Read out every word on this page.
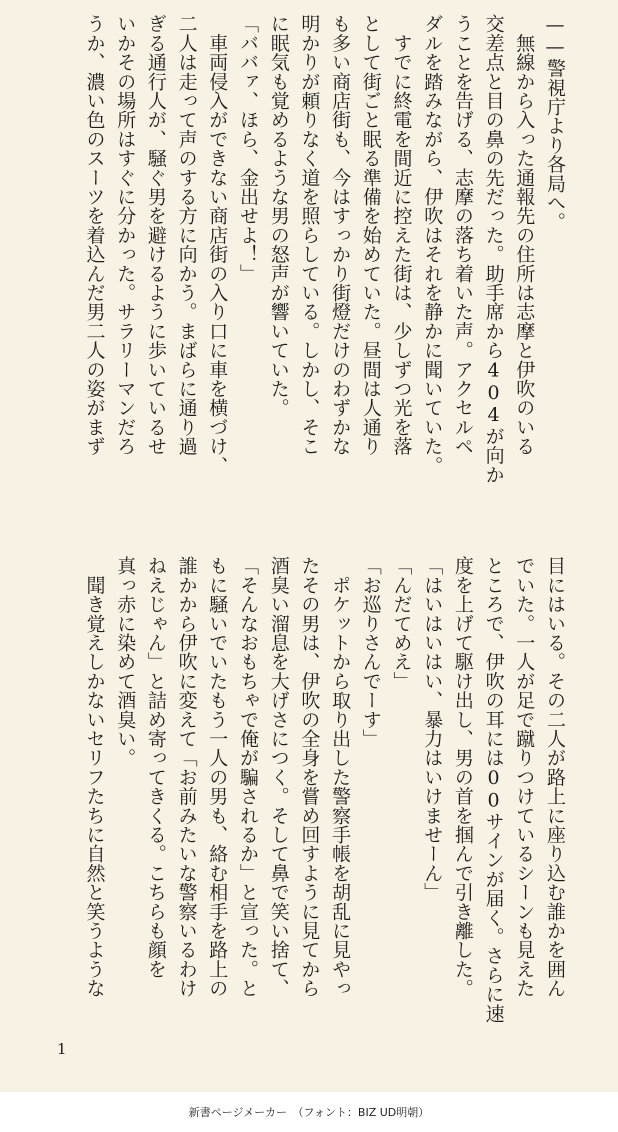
——警視庁より各局へ。
　無線から入った通報先の住所は志摩と伊吹のいる
交差点と目の鼻の先だった。助手席から404が向か
うことを告げる、志摩の落ち着いた声。アクセルペ
ダルを踏みながら、伊吹はそれを静かに聞いていた。
　すでに終電を間近に控えた街は、少しずつ光を落
として街ごと眠る準備を始めていた。昼間は人通り
も多い商店街も、今はすっかり街燈だけのわずかな
明かりが頼りなく道を照らしている。しかし、そこ
に眠気も覚めるような男の怒声が響いていた。
「ババァ、ほら、金出せよ！」
　車両侵入ができない商店街の入り口に車を横づけ、
二人は走って声のする方に向かう。まばらに通り過
ぎる通行人が、騒ぐ男を避けるように歩いているせ
いかその場所はすぐに分かった。サラリーマンだろ
うか、濃い色のスーツを着込んだ男二人の姿がまず
目にはいる。その二人が路上に座り込む誰かを囲ん
でいた。一人が足で蹴りつけているシーンも見えた
ところで、伊吹の耳には00サインが届く。さらに速
度を上げて駆け出し、男の首を掴んで引き離した。
「はいはいはい、暴力はいけませーん」
「んだてめえ」
「お巡りさんでーす」
　ポケットから取り出した警察手帳を胡乱に見やっ
たその男は、伊吹の全身を嘗め回すように見てから
酒臭い溜息を大げさにつく。そして鼻で笑い捨て、
「そんなおもちゃで俺が騙されるか」と宣った。と
もに騒いでいたもう一人の男も、絡む相手を路上の
誰かから伊吹に変えて「お前みたいな警察いるわけ
ねえじゃん」と詰め寄ってきくる。こちらも顔を
真っ赤に染めて酒臭い。
　聞き覚えしかないセリフたちに自然と笑うような
1
新書ページメーカー　（フォント：BIZ UD明朝）
